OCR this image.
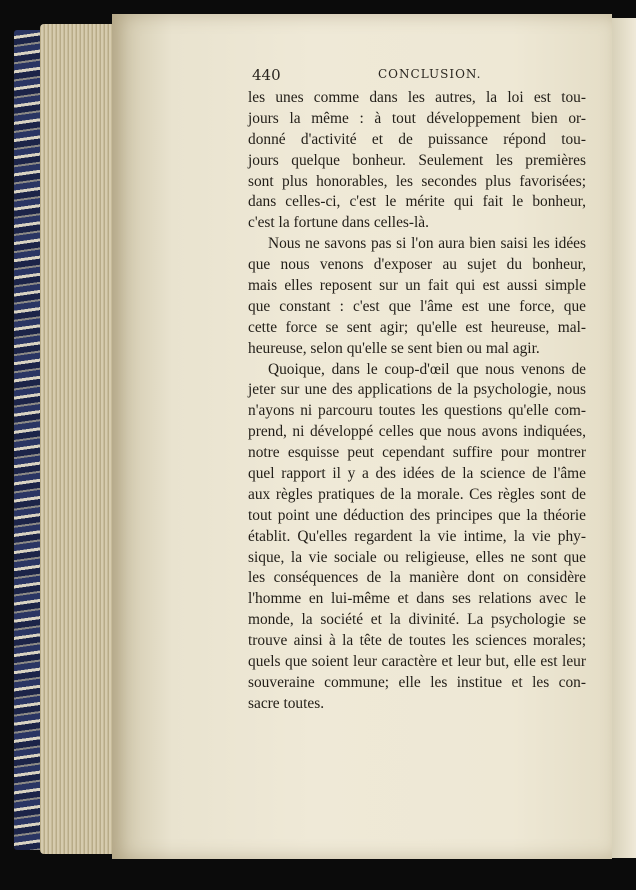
440	CONCLUSION.
les unes comme dans les autres, la loi est tou-
jours la même : à tout développement bien or-
donné d'activité et de puissance répond tou-
jours quelque bonheur. Seulement les premières
sont plus honorables, les secondes plus favorisées;
dans celles-ci, c'est le mérite qui fait le bonheur,
c'est la fortune dans celles-là.
Nous ne savons pas si l'on aura bien saisi les idées
que nous venons d'exposer au sujet du bonheur,
mais elles reposent sur un fait qui est aussi simple
que constant : c'est que l'âme est une force, que
cette force se sent agir; qu'elle est heureuse, mal-
heureuse, selon qu'elle se sent bien ou mal agir.
Quoique, dans le coup-d'œil que nous venons de
jeter sur une des applications de la psychologie, nous
n'ayons ni parcouru toutes les questions qu'elle com-
prend, ni développé celles que nous avons indiquées,
notre esquisse peut cependant suffire pour montrer
quel rapport il y a des idées de la science de l'âme
aux règles pratiques de la morale. Ces règles sont de
tout point une déduction des principes que la théorie
établit. Qu'elles regardent la vie intime, la vie phy-
sique, la vie sociale ou religieuse, elles ne sont que
les conséquences de la manière dont on considère
l'homme en lui-même et dans ses relations avec le
monde, la société et la divinité. La psychologie se
trouve ainsi à la tête de toutes les sciences morales;
quels que soient leur caractère et leur but, elle est leur
souveraine commune; elle les institue et les con-
sacre toutes.
